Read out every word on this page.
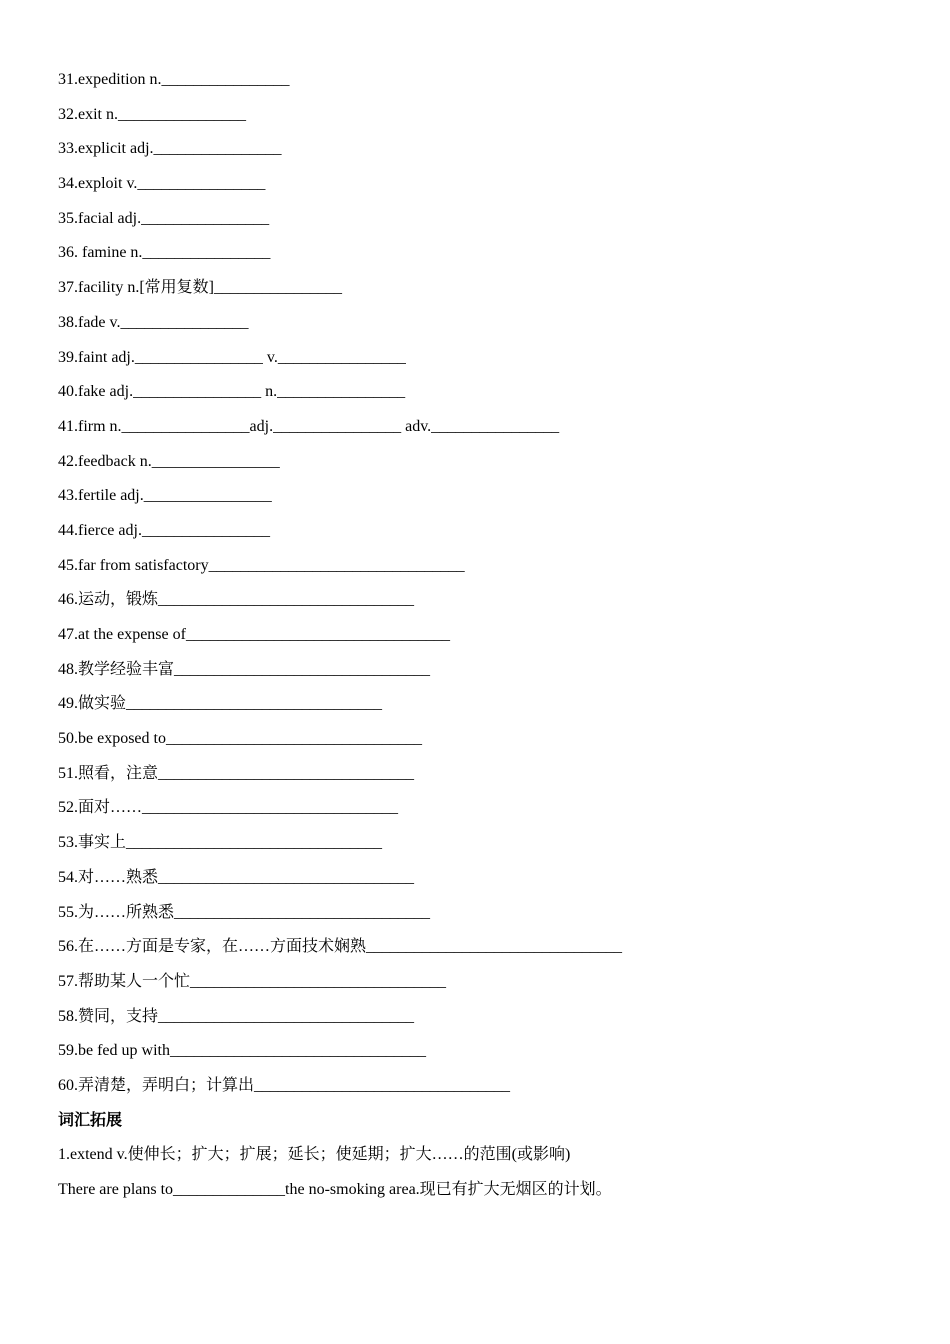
31.expedition n.________________
32.exit n.________________
33.explicit adj.________________
34.exploit v.________________
35.facial adj.________________
36. famine n.________________
37.facility n.[常用复数]________________
38.fade v.________________
39.faint adj.________________ v.________________
40.fake adj.________________ n.________________
41.firm n.________________adj.________________ adv.________________
42.feedback n.________________
43.fertile adj.________________
44.fierce adj.________________
45.far from satisfactory________________________________
46.运动，锻炼________________________________
47.at the expense of_________________________________
48.教学经验丰富________________________________
49.做实验________________________________
50.be exposed to________________________________
51.照看，注意________________________________
52.面对……________________________________
53.事实上________________________________
54.对……熟悉________________________________
55.为……所熟悉________________________________
56.在……方面是专家，在……方面技术娴熟________________________________
57.帮助某人一个忙________________________________
58.赞同，支持________________________________
59.be fed up with________________________________
60.弄清楚，弄明白；计算出________________________________
词汇拓展
1.extend v.使伸长；扩大；扩展；延长；使延期；扩大……的范围(或影响)
There are plans to______________the no-smoking area.现已有扩大无烟区的计划。
